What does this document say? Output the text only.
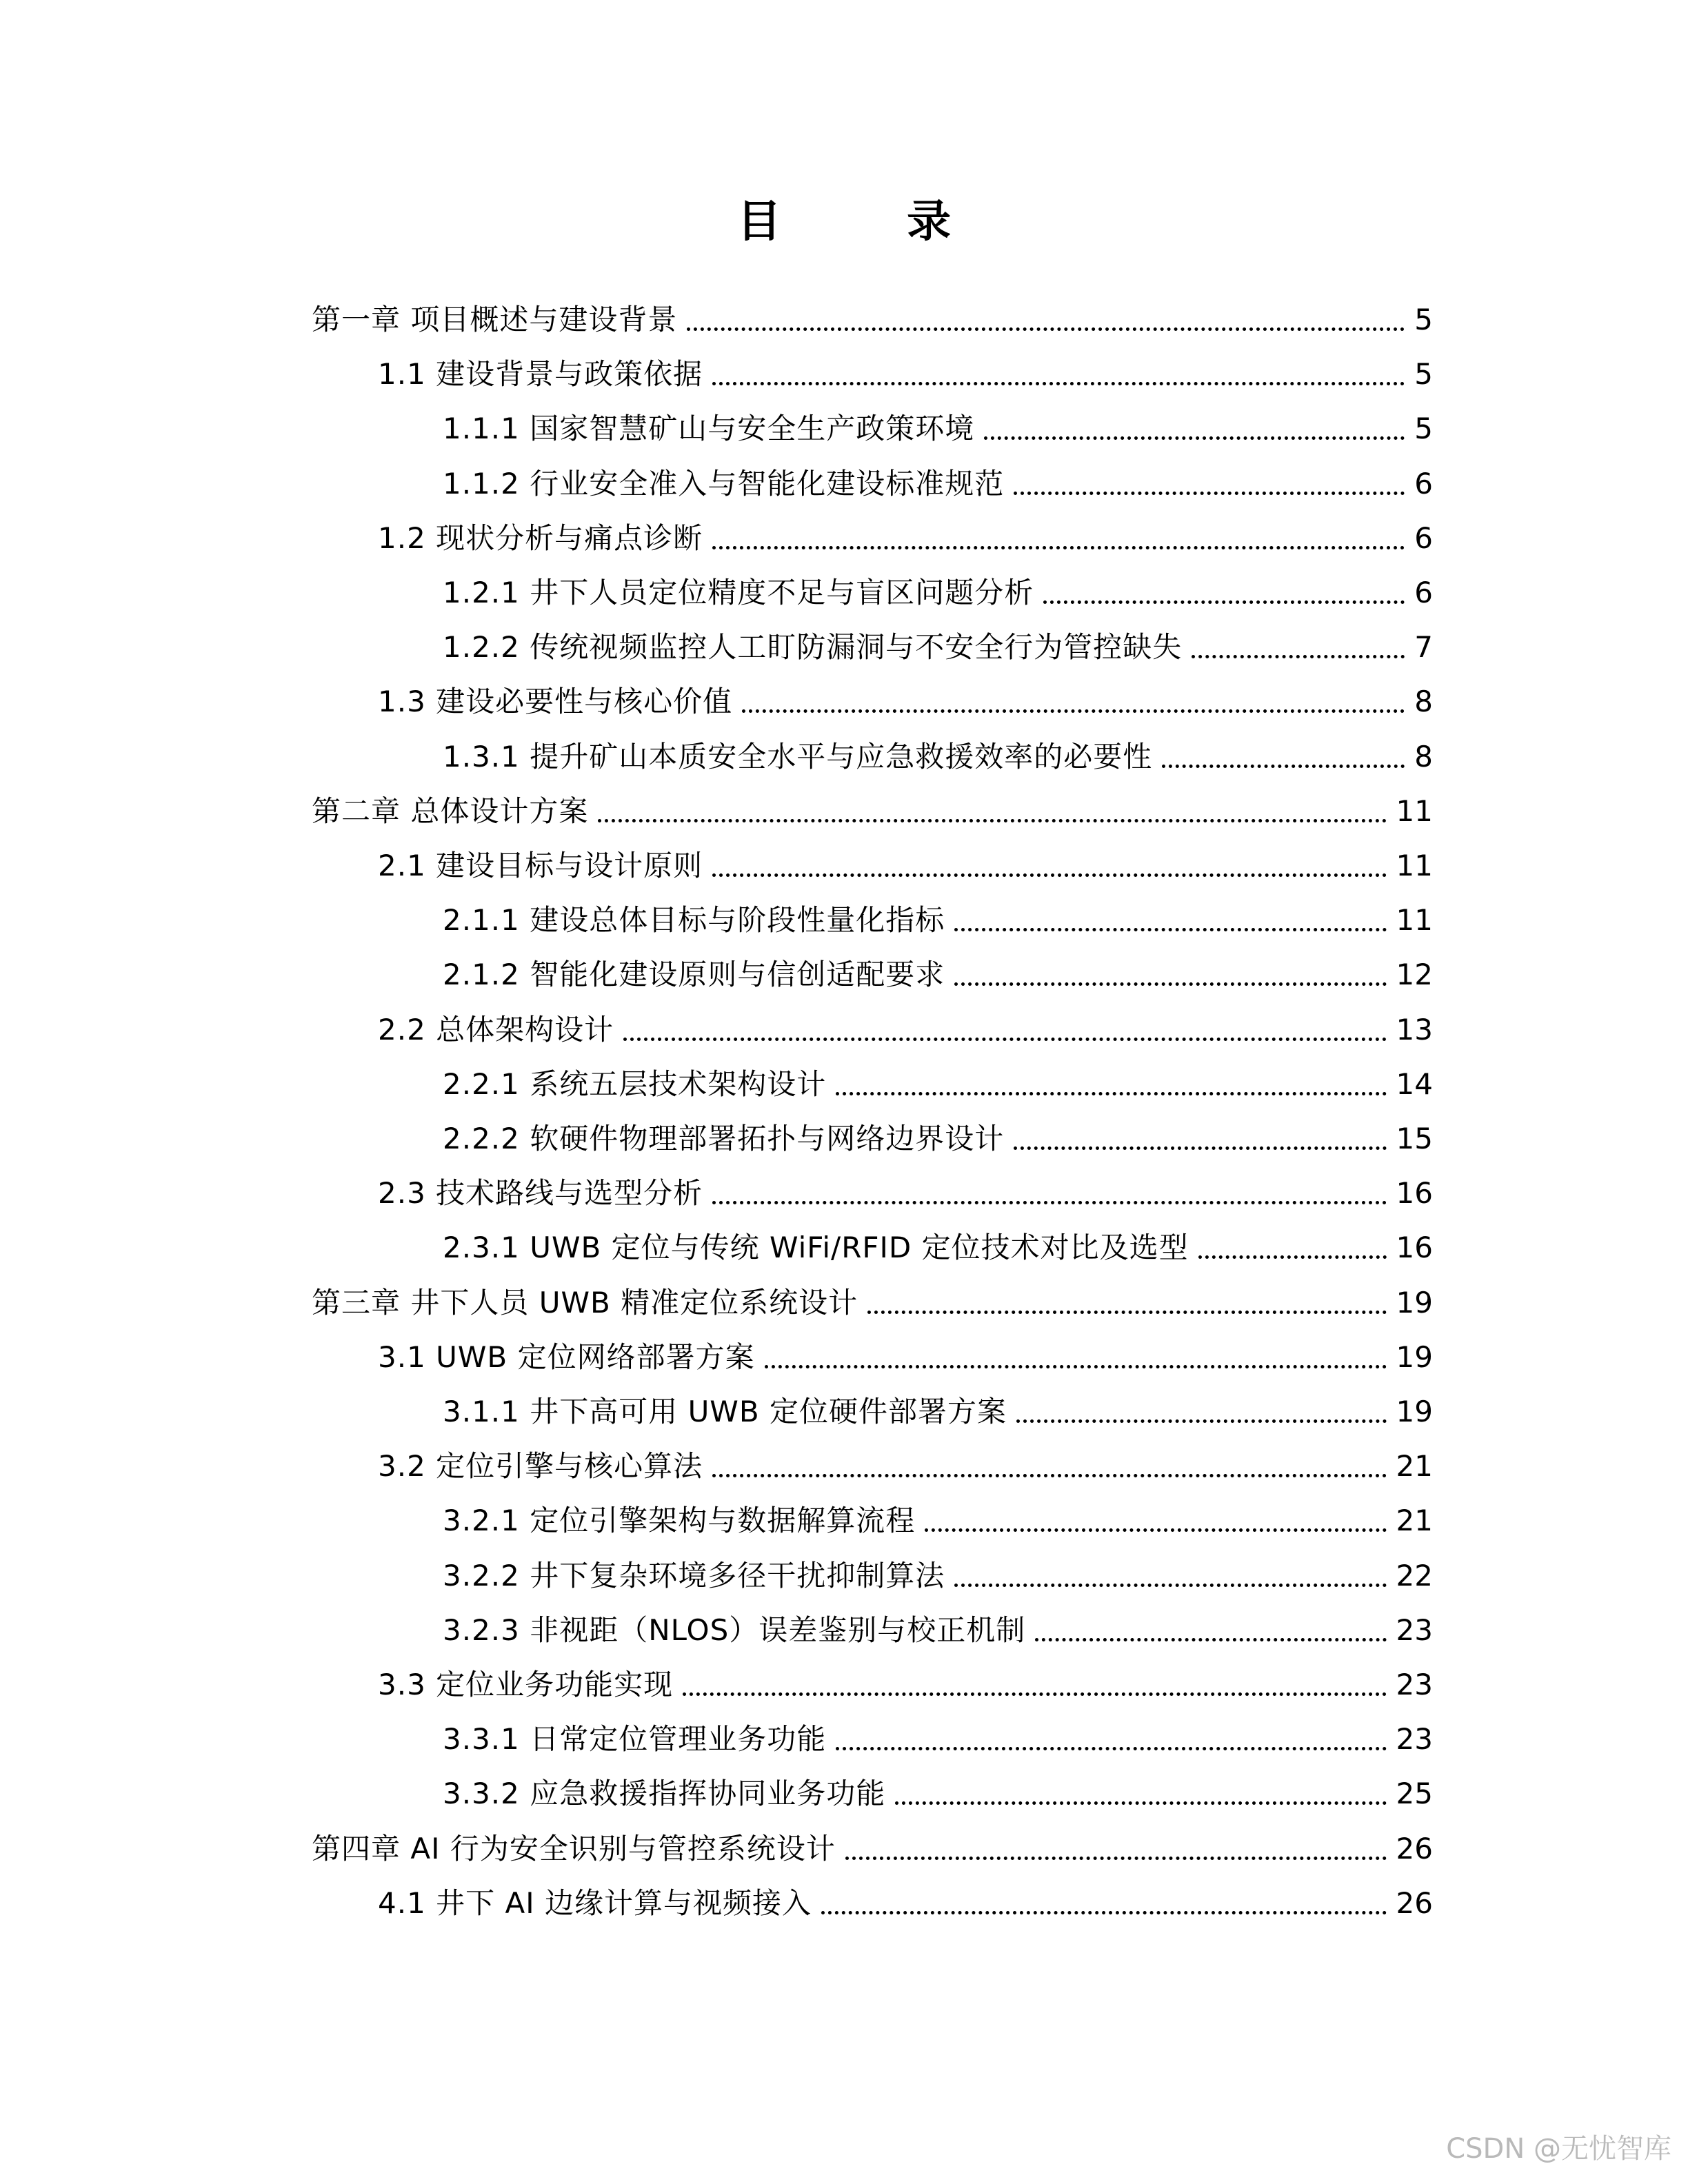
目 录
第一章 项目概述与建设背景	5
1.1 建设背景与政策依据	5
1.1.1 国家智慧矿山与安全生产政策环境	5
1.1.2 行业安全准入与智能化建设标准规范	6
1.2 现状分析与痛点诊断	6
1.2.1 井下人员定位精度不足与盲区问题分析	6
1.2.2 传统视频监控人工盯防漏洞与不安全行为管控缺失	7
1.3 建设必要性与核心价值	8
1.3.1 提升矿山本质安全水平与应急救援效率的必要性	8
第二章 总体设计方案	11
2.1 建设目标与设计原则	11
2.1.1 建设总体目标与阶段性量化指标	11
2.1.2 智能化建设原则与信创适配要求	12
2.2 总体架构设计	13
2.2.1 系统五层技术架构设计	14
2.2.2 软硬件物理部署拓扑与网络边界设计	15
2.3 技术路线与选型分析	16
2.3.1 UWB 定位与传统 WiFi/RFID 定位技术对比及选型	16
第三章 井下人员 UWB 精准定位系统设计	19
3.1 UWB 定位网络部署方案	19
3.1.1 井下高可用 UWB 定位硬件部署方案	19
3.2 定位引擎与核心算法	21
3.2.1 定位引擎架构与数据解算流程	21
3.2.2 井下复杂环境多径干扰抑制算法	22
3.2.3 非视距（NLOS）误差鉴别与校正机制	23
3.3 定位业务功能实现	23
3.3.1 日常定位管理业务功能	23
3.3.2 应急救援指挥协同业务功能	25
第四章 AI 行为安全识别与管控系统设计	26
4.1 井下 AI 边缘计算与视频接入	26
CSDN @无忧智库
